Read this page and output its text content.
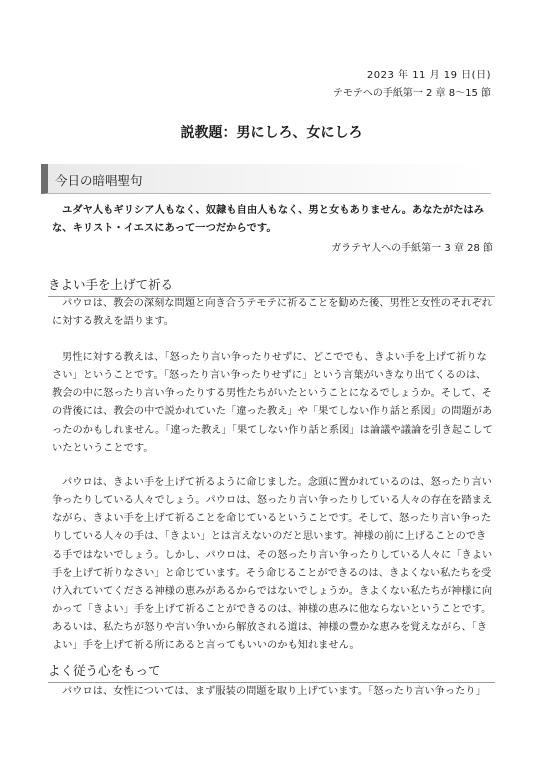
2023 年 11 月 19 日(日)
テモテへの手紙第一 2 章 8～15 節
説教題：男にしろ、女にしろ
今日の暗唱聖句
ユダヤ人もギリシア人もなく、奴隷も自由人もなく、男と女もありません。あなたがたはみな、キリスト・イエスにあって一つだからです。
ガラテヤ人への手紙第一 3 章 28 節
きよい手を上げて祈る

パウロは、教会の深刻な問題と向き合うテモテに祈ることを勧めた後、男性と女性のそれぞれに対する教えを語ります。

男性に対する教えは、「怒ったり言い争ったりせずに、どこででも、きよい手を上げて祈りなさい」ということです。「怒ったり言い争ったりせずに」という言葉がいきなり出てくるのは、教会の中に怒ったり言い争ったりする男性たちがいたということになるでしょうか。そして、その背後には、教会の中で説かれていた「違った教え」や「果てしない作り話と系図」の問題があったのかもしれません。「違った教え」「果てしない作り話と系図」は論議や議論を引き起こしていたということです。

パウロは、きよい手を上げて祈るように命じました。念頭に置かれているのは、怒ったり言い争ったりしている人々でしょう。パウロは、怒ったり言い争ったりしている人々の存在を踏まえながら、きよい手を上げて祈ることを命じているということです。そして、怒ったり言い争ったりしている人々の手は、「きよい」とは言えないのだと思います。神様の前に上げることのできる手ではないでしょう。しかし、パウロは、その怒ったり言い争ったりしている人々に「きよい手を上げて祈りなさい」と命じています。そう命じることができるのは、きよくない私たちを受け入れていてくださる神様の恵みがあるからではないでしょうか。きよくない私たちが神様に向かって「きよい」手を上げて祈ることができるのは、神様の恵みに他ならないということです。あるいは、私たちが怒りや言い争いから解放される道は、神様の豊かな恵みを覚えながら、「きよい」手を上げて祈る所にあると言ってもいいのかも知れません。

よく従う心をもって

パウロは、女性については、まず服装の問題を取り上げています。「怒ったり言い争ったり」
